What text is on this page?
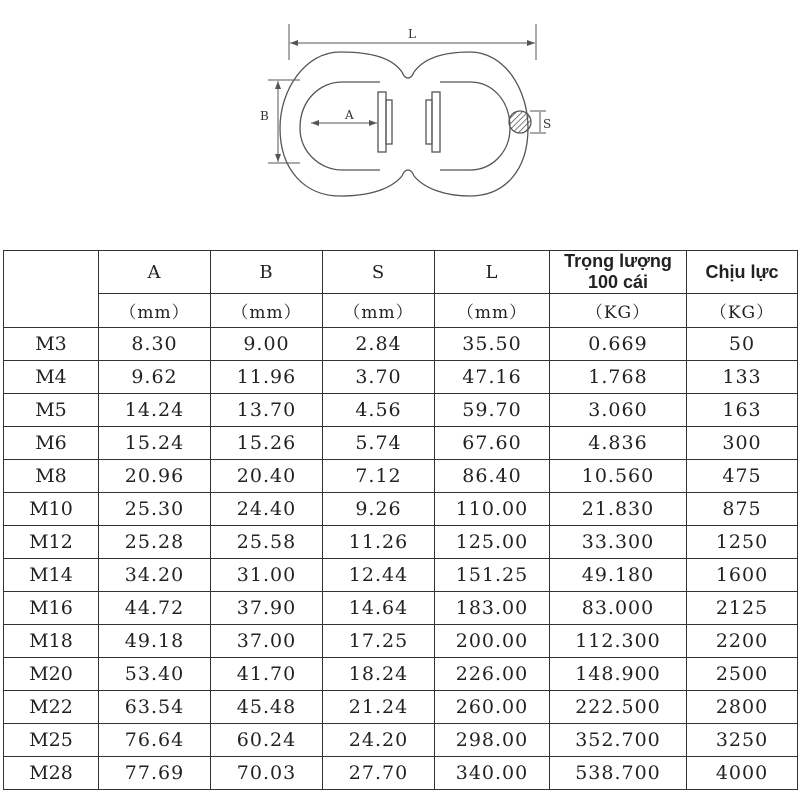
L
B	A
S
	A	B	S	L	Trọng lượng 100 cái	Chịu lực
	（mm）	（mm）	（mm）	（mm）	（KG）	（KG）
M3	8.30	9.00	2.84	35.50	0.669	50
M4	9.62	11.96	3.70	47.16	1.768	133
M5	14.24	13.70	4.56	59.70	3.060	163
M6	15.24	15.26	5.74	67.60	4.836	300
M8	20.96	20.40	7.12	86.40	10.560	475
M10	25.30	24.40	9.26	110.00	21.830	875
M12	25.28	25.58	11.26	125.00	33.300	1250
M14	34.20	31.00	12.44	151.25	49.180	1600
M16	44.72	37.90	14.64	183.00	83.000	2125
M18	49.18	37.00	17.25	200.00	112.300	2200
M20	53.40	41.70	18.24	226.00	148.900	2500
M22	63.54	45.48	21.24	260.00	222.500	2800
M25	76.64	60.24	24.20	298.00	352.700	3250
M28	77.69	70.03	27.70	340.00	538.700	4000
